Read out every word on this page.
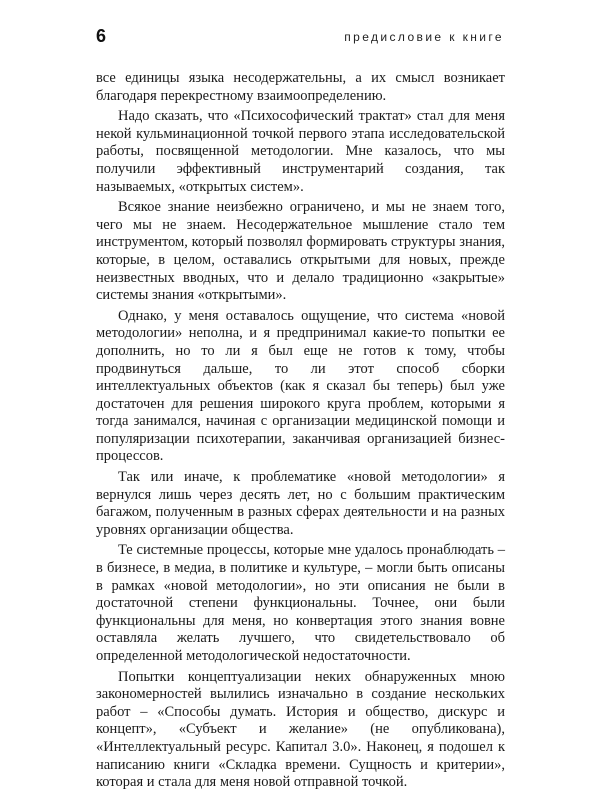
6	предисловие к книге

все единицы языка несодержательны, а их смысл возникает благодаря перекрестному взаимоопределению.

Надо сказать, что «Психософический трактат» стал для меня некой кульминационной точкой первого этапа исследовательской работы, посвященной методологии. Мне казалось, что мы получили эффективный инструментарий создания, так называемых, «открытых систем».

Всякое знание неизбежно ограничено, и мы не знаем того, чего мы не знаем. Несодержательное мышление стало тем инструментом, который позволял формировать структуры знания, которые, в целом, оставались открытыми для новых, прежде неизвестных вводных, что и делало традиционно «закрытые» системы знания «открытыми».

Однако, у меня оставалось ощущение, что система «новой методологии» неполна, и я предпринимал какие-то попытки ее дополнить, но то ли я был еще не готов к тому, чтобы продвинуться дальше, то ли этот способ сборки интеллектуальных объектов (как я сказал бы теперь) был уже достаточен для решения широкого круга проблем, которыми я тогда занимался, начиная с организации медицинской помощи и популяризации психотерапии, заканчивая организацией бизнес-процессов.

Так или иначе, к проблематике «новой методологии» я вернулся лишь через десять лет, но с большим практическим багажом, полученным в разных сферах деятельности и на разных уровнях организации общества.

Те системные процессы, которые мне удалось пронаблюдать – в бизнесе, в медиа, в политике и культуре, – могли быть описаны в рамках «новой методологии», но эти описания не были в достаточной степени функциональны. Точнее, они были функциональны для меня, но конвертация этого знания вовне оставляла желать лучшего, что свидетельствовало об определенной методологической недостаточности.

Попытки концептуализации неких обнаруженных мною закономерностей вылились изначально в создание нескольких работ – «Способы думать. История и общество, дискурс и концепт», «Субъект и желание» (не опубликована), «Интеллектуальный ресурс. Капитал 3.0». Наконец, я подошел к написанию книги «Складка времени. Сущность и критерии», которая и стала для меня новой отправной точкой.
